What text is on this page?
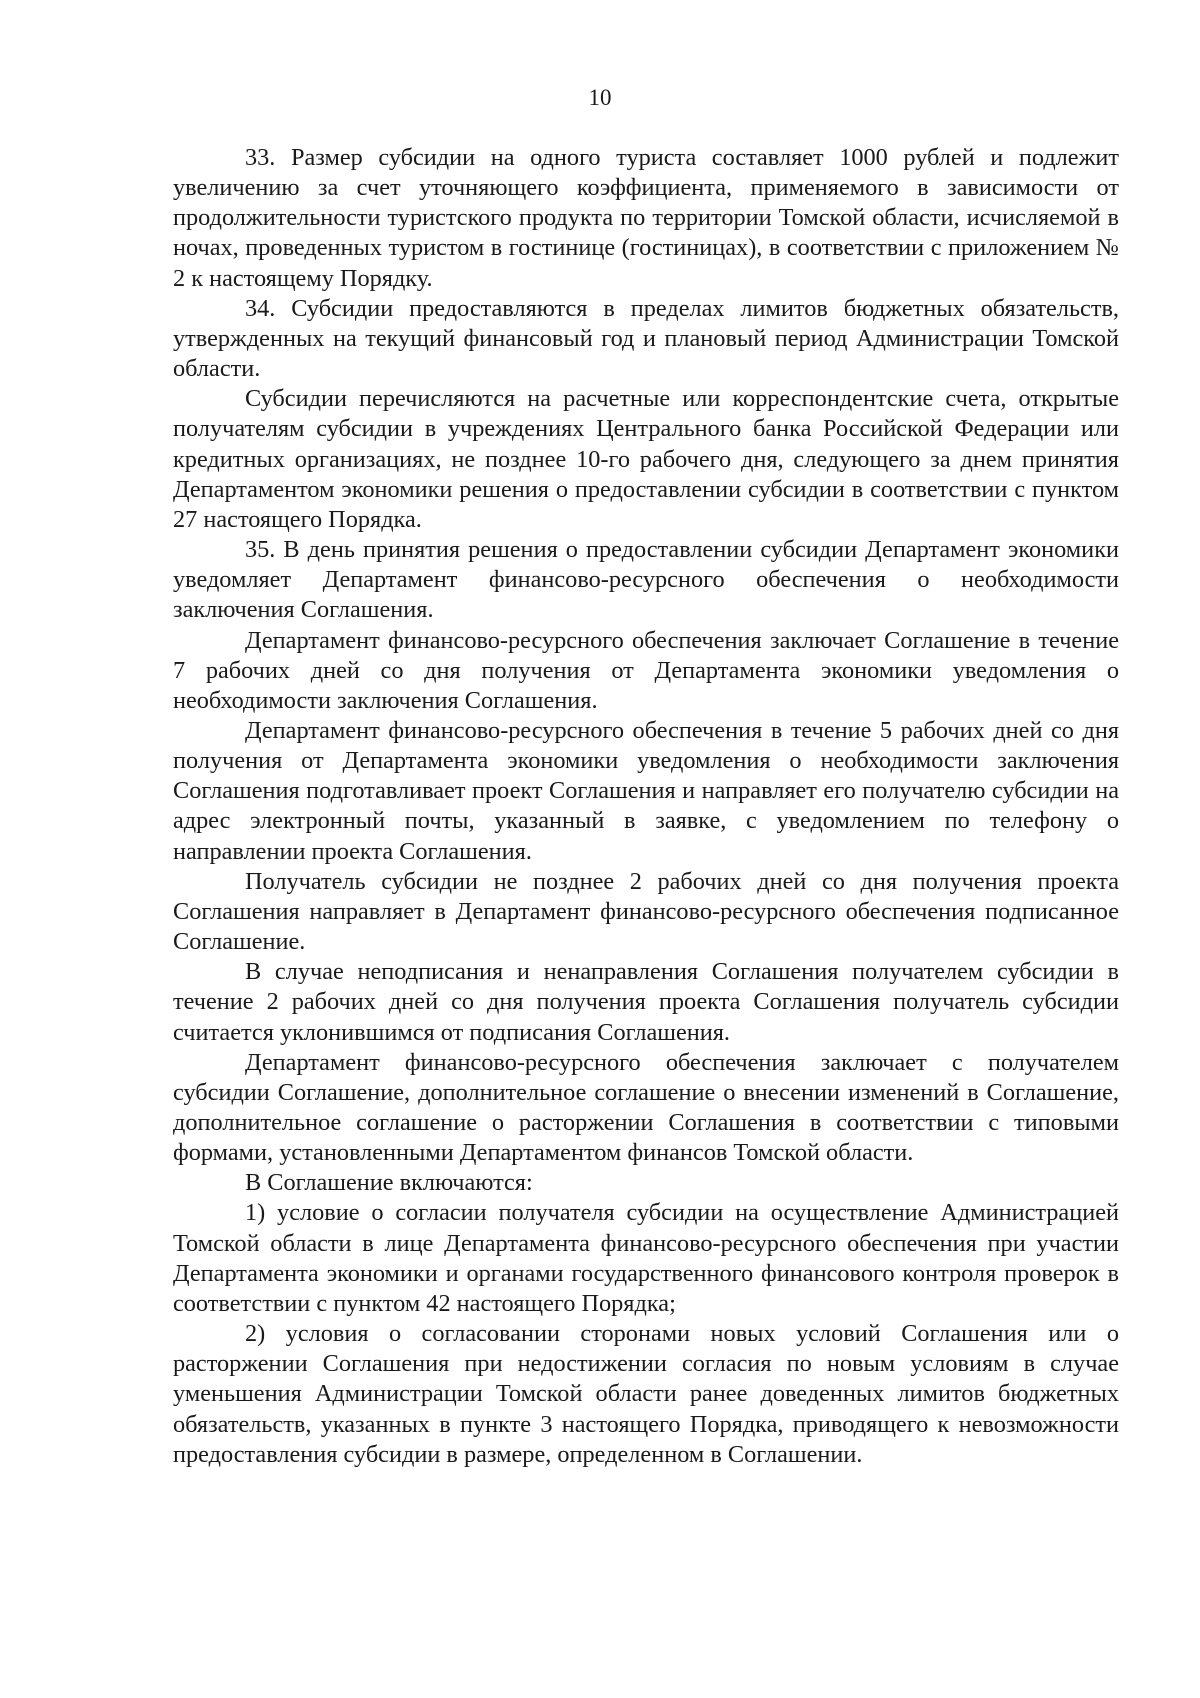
10

33. Размер субсидии на одного туриста составляет 1000 рублей и подлежит увеличению за счет уточняющего коэффициента, применяемого в зависимости от продолжительности туристского продукта по территории Томской области, исчисляемой в ночах, проведенных туристом в гостинице (гостиницах), в соответствии с приложением № 2 к настоящему Порядку.

34. Субсидии предоставляются в пределах лимитов бюджетных обязательств, утвержденных на текущий финансовый год и плановый период Администрации Томской области.

Субсидии перечисляются на расчетные или корреспондентские счета, открытые получателям субсидии в учреждениях Центрального банка Российской Федерации или кредитных организациях, не позднее 10-го рабочего дня, следующего за днем принятия Департаментом экономики решения о предоставлении субсидии в соответствии с пунктом 27 настоящего Порядка.

35. В день принятия решения о предоставлении субсидии Департамент экономики уведомляет Департамент финансово-ресурсного обеспечения о необходимости заключения Соглашения.

Департамент финансово-ресурсного обеспечения заключает Соглашение в течение 7 рабочих дней со дня получения от Департамента экономики уведомления о необходимости заключения Соглашения.

Департамент финансово-ресурсного обеспечения в течение 5 рабочих дней со дня получения от Департамента экономики уведомления о необходимости заключения Соглашения подготавливает проект Соглашения и направляет его получателю субсидии на адрес электронный почты, указанный в заявке, с уведомлением по телефону о направлении проекта Соглашения.

Получатель субсидии не позднее 2 рабочих дней со дня получения проекта Соглашения направляет в Департамент финансово-ресурсного обеспечения подписанное Соглашение.

В случае неподписания и ненаправления Соглашения получателем субсидии в течение 2 рабочих дней со дня получения проекта Соглашения получатель субсидии считается уклонившимся от подписания Соглашения.

Департамент финансово-ресурсного обеспечения заключает с получателем субсидии Соглашение, дополнительное соглашение о внесении изменений в Соглашение, дополнительное соглашение о расторжении Соглашения в соответствии с типовыми формами, установленными Департаментом финансов Томской области.

В Соглашение включаются:

1) условие о согласии получателя субсидии на осуществление Администрацией Томской области в лице Департамента финансово-ресурсного обеспечения при участии Департамента экономики и органами государственного финансового контроля проверок в соответствии с пунктом 42 настоящего Порядка;

2) условия о согласовании сторонами новых условий Соглашения или о расторжении Соглашения при недостижении согласия по новым условиям в случае уменьшения Администрации Томской области ранее доведенных лимитов бюджетных обязательств, указанных в пункте 3 настоящего Порядка, приводящего к невозможности предоставления субсидии в размере, определенном в Соглашении.
